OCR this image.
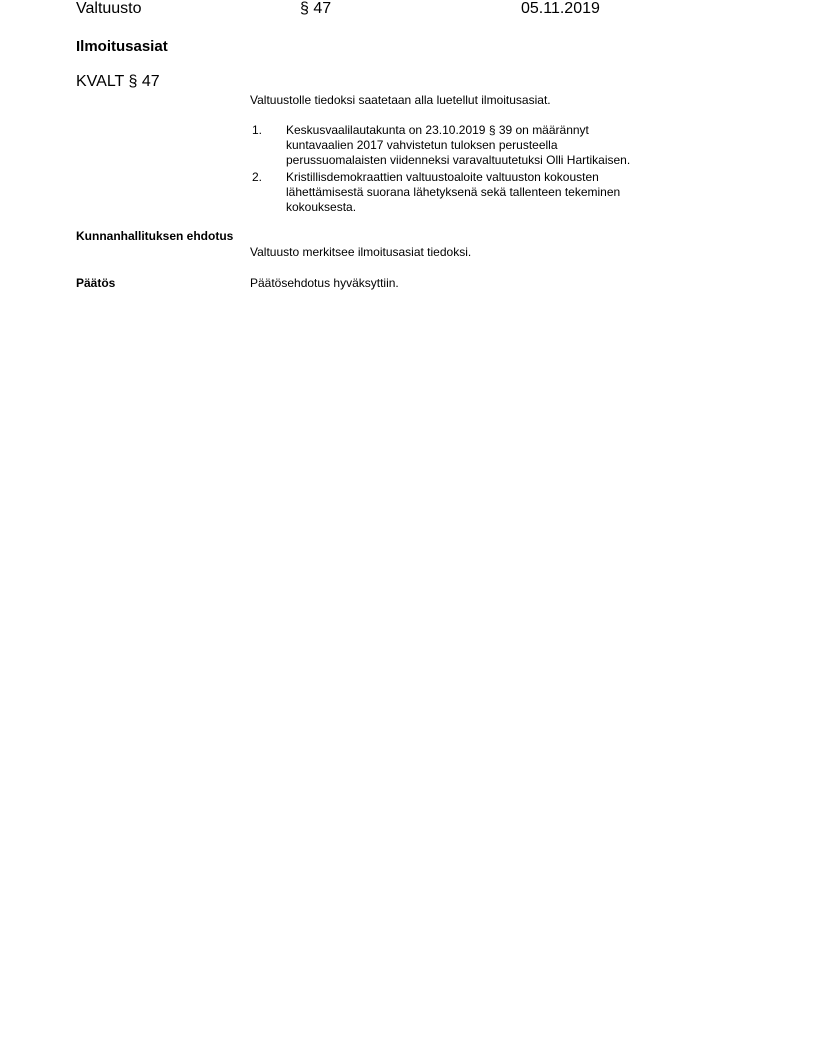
Valtuusto	§ 47	05.11.2019
Ilmoitusasiat
KVALT § 47
Valtuustolle tiedoksi saatetaan alla luetellut ilmoitusasiat.
1. Keskusvaalilautakunta on 23.10.2019 § 39 on määrännyt
kuntavaalien 2017 vahvistetun tuloksen perusteella
perussuomalaisten viidenneksi varavaltuutetuksi Olli Hartikaisen.
2. Kristillisdemokraattien valtuustoaloite valtuuston kokousten
lähettämisestä suorana lähetyksenä sekä tallenteen tekeminen
kokouksesta.
Kunnanhallituksen ehdotus
Valtuusto merkitsee ilmoitusasiat tiedoksi.
Päätös	Päätösehdotus hyväksyttiin.
